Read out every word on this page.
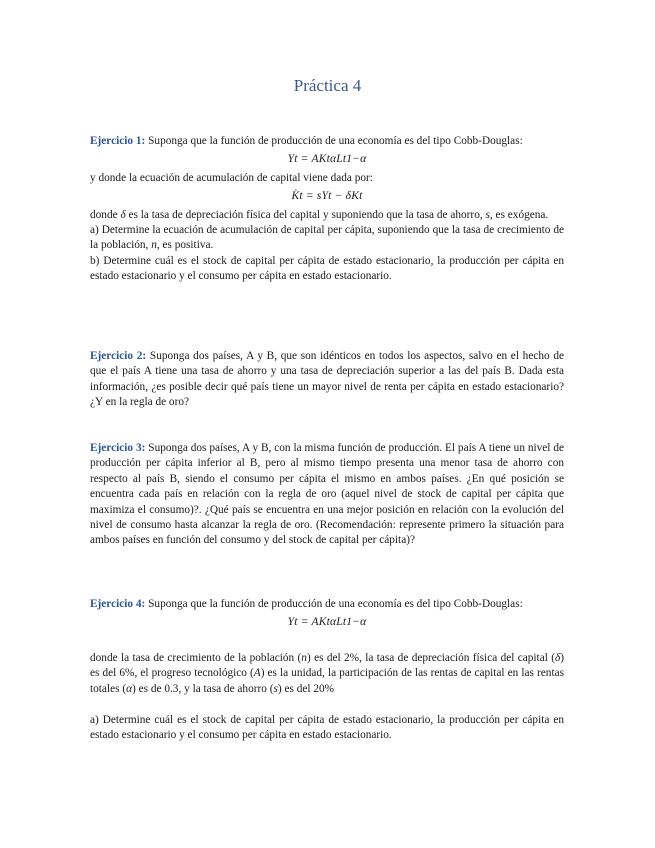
Práctica 4

Ejercicio 1: Suponga que la función de producción de una economía es del tipo Cobb-Douglas:

Yt = AKtαLt1−α

y donde la ecuación de acumulación de capital viene dada por:

K̇t = sYt − δKt

donde δ es la tasa de depreciación física del capital y suponiendo que la tasa de ahorro, s, es exógena.

a) Determine la ecuación de acumulación de capital per cápita, suponiendo que la tasa de crecimiento de la población, n, es positiva.

b) Determine cuál es el stock de capital per cápita de estado estacionario, la producción per cápita en estado estacionario y el consumo per cápita en estado estacionario.

Ejercicio 2: Suponga dos países, A y B, que son idénticos en todos los aspectos, salvo en el hecho de que el país A tiene una tasa de ahorro y una tasa de depreciación superior a las del país B. Dada esta información, ¿es posible decir qué país tiene un mayor nivel de renta per cápita en estado estacionario? ¿Y en la regla de oro?

Ejercicio 3: Suponga dos países, A y B, con la misma función de producción. El país A tiene un nivel de producción per cápita inferior al B, pero al mismo tiempo presenta una menor tasa de ahorro con respecto al país B, siendo el consumo per cápita el mismo en ambos países. ¿En qué posición se encuentra cada país en relación con la regla de oro (aquel nivel de stock de capital per cápita que maximiza el consumo)?. ¿Qué país se encuentra en una mejor posición en relación con la evolución del nivel de consumo hasta alcanzar la regla de oro. (Recomendación: represente primero la situación para ambos países en función del consumo y del stock de capital per cápita)?

Ejercicio 4: Suponga que la función de producción de una economía es del tipo Cobb-Douglas:

Yt = AKtαLt1−α

donde la tasa de crecimiento de la población (n) es del 2%, la tasa de depreciación física del capital (δ) es del 6%, el progreso tecnológico (A) es la unidad, la participación de las rentas de capital en las rentas totales (α) es de 0.3, y la tasa de ahorro (s) es del 20%

a) Determine cuál es el stock de capital per cápita de estado estacionario, la producción per cápita en estado estacionario y el consumo per cápita en estado estacionario.
